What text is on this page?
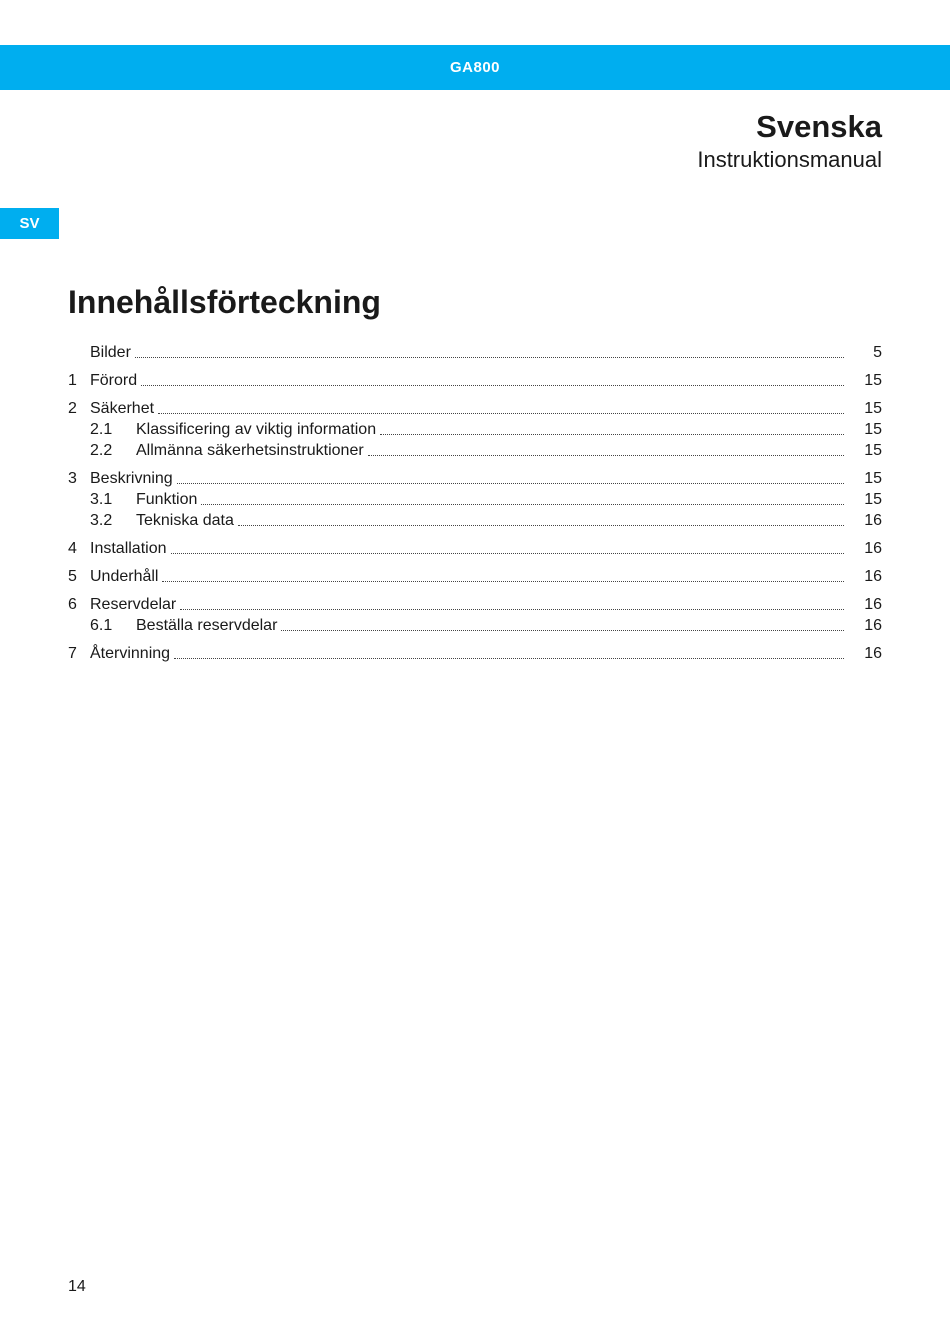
GA800
Svenska
Instruktionsmanual
SV
Innehållsförteckning
Bilder	5
1 Förord	15
2 Säkerhet	15
2.1	Klassificering av viktig information	15
2.2	Allmänna säkerhetsinstruktioner	15
3 Beskrivning	15
3.1	Funktion	15
3.2	Tekniska data	16
4 Installation	16
5 Underhåll	16
6 Reservdelar	16
6.1	Beställa reservdelar	16
7 Återvinning	16
14
